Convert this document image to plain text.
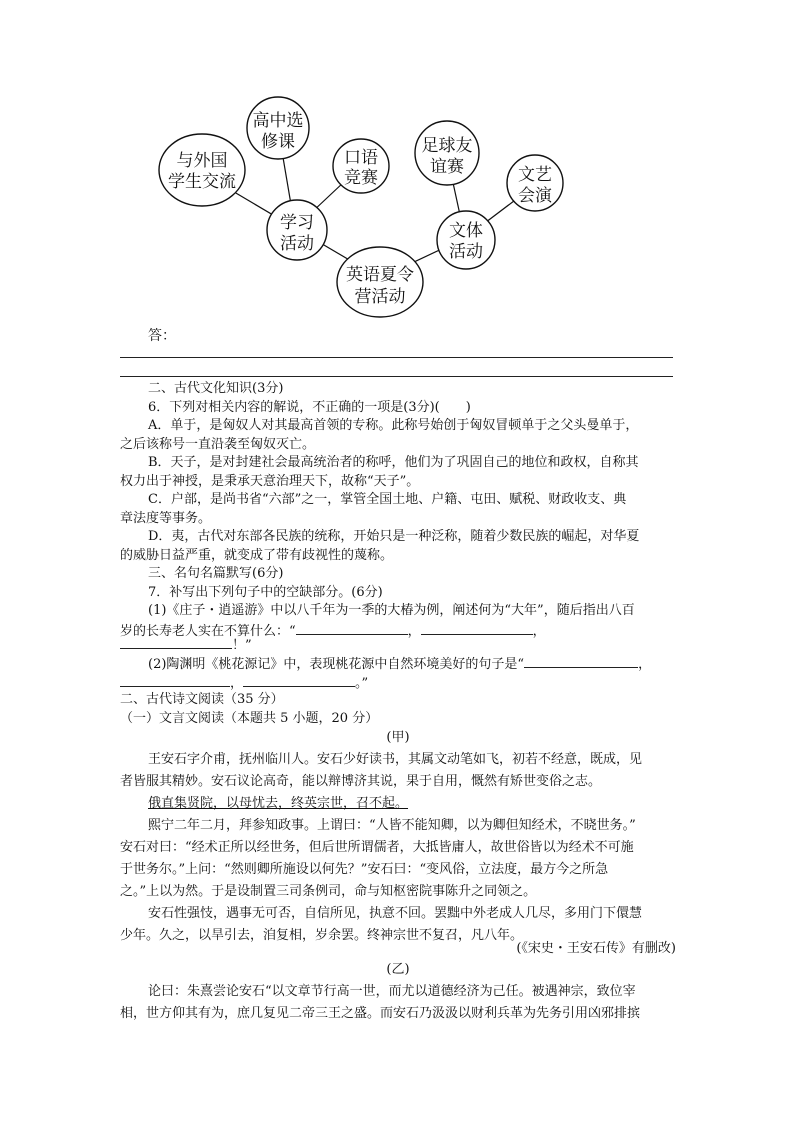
英语夏令
营活动
学习
活动
文体
活动
与外国
学生交流
高中选
修课
口语
竞赛
足球友
谊赛	文艺
会演
答：
二、古代文化知识(3分)
6．下列对相关内容的解说，不正确的一项是(3分)(　　)
A．单于，是匈奴人对其最高首领的专称。此称号始创于匈奴冒顿单于之父头曼单于，
之后该称号一直沿袭至匈奴灭亡。
B．天子，是对封建社会最高统治者的称呼，他们为了巩固自己的地位和政权，自称其
权力出于神授，是秉承天意治理天下，故称“天子”。
C．户部，是尚书省“六部”之一，掌管全国土地、户籍、屯田、赋税、财政收支、典
章法度等事务。
D．夷，古代对东部各民族的统称，开始只是一种泛称，随着少数民族的崛起，对华夏
的威胁日益严重，就变成了带有歧视性的蔑称。
三、名句名篇默写(6分)
7．补写出下列句子中的空缺部分。(6分)
(1)《庄子・逍遥游》中以八千年为一季的大椿为例，阐述何为“大年”，随后指出八百
岁的长寿老人实在不算什么：“	，	，
！”
(2)陶渊明《桃花源记》中，表现桃花源中自然环境美好的句子是“	，
，	。”
二、古代诗文阅读（35 分）
（一）文言文阅读（本题共 5 小题，20 分）
(甲)
王安石字介甫，抚州临川人。安石少好读书，其属文动笔如飞，初若不经意，既成，见
者皆服其精妙。安石议论高奇，能以辩博济其说，果于自用，慨然有矫世变俗之志。
俄直集贤院，以母忧去，终英宗世，召不起。
熙宁二年二月，拜参知政事。上谓曰：“人皆不能知卿，以为卿但知经术，不晓世务。”
安石对曰：“经术正所以经世务，但后世所谓儒者，大抵皆庸人，故世俗皆以为经术不可施
于世务尔。”上问：“然则卿所施设以何先？”安石曰：“变风俗，立法度，最方今之所急
之。”上以为然。于是设制置三司条例司，命与知枢密院事陈升之同领之。
安石性强忮，遇事无可否，自信所见，执意不回。罢黜中外老成人几尽，多用门下儇慧
少年。久之，以旱引去，洎复相，岁余罢。终神宗世不复召，凡八年。
(《宋史・王安石传》有删改)
(乙)
论曰：朱熹尝论安石“以文章节行高一世，而尤以道德经济为己任。被遇神宗，致位宰
相，世方仰其有为，庶几复见二帝三王之盛。而安石乃汲汲以财利兵革为先务引用凶邪排摈
